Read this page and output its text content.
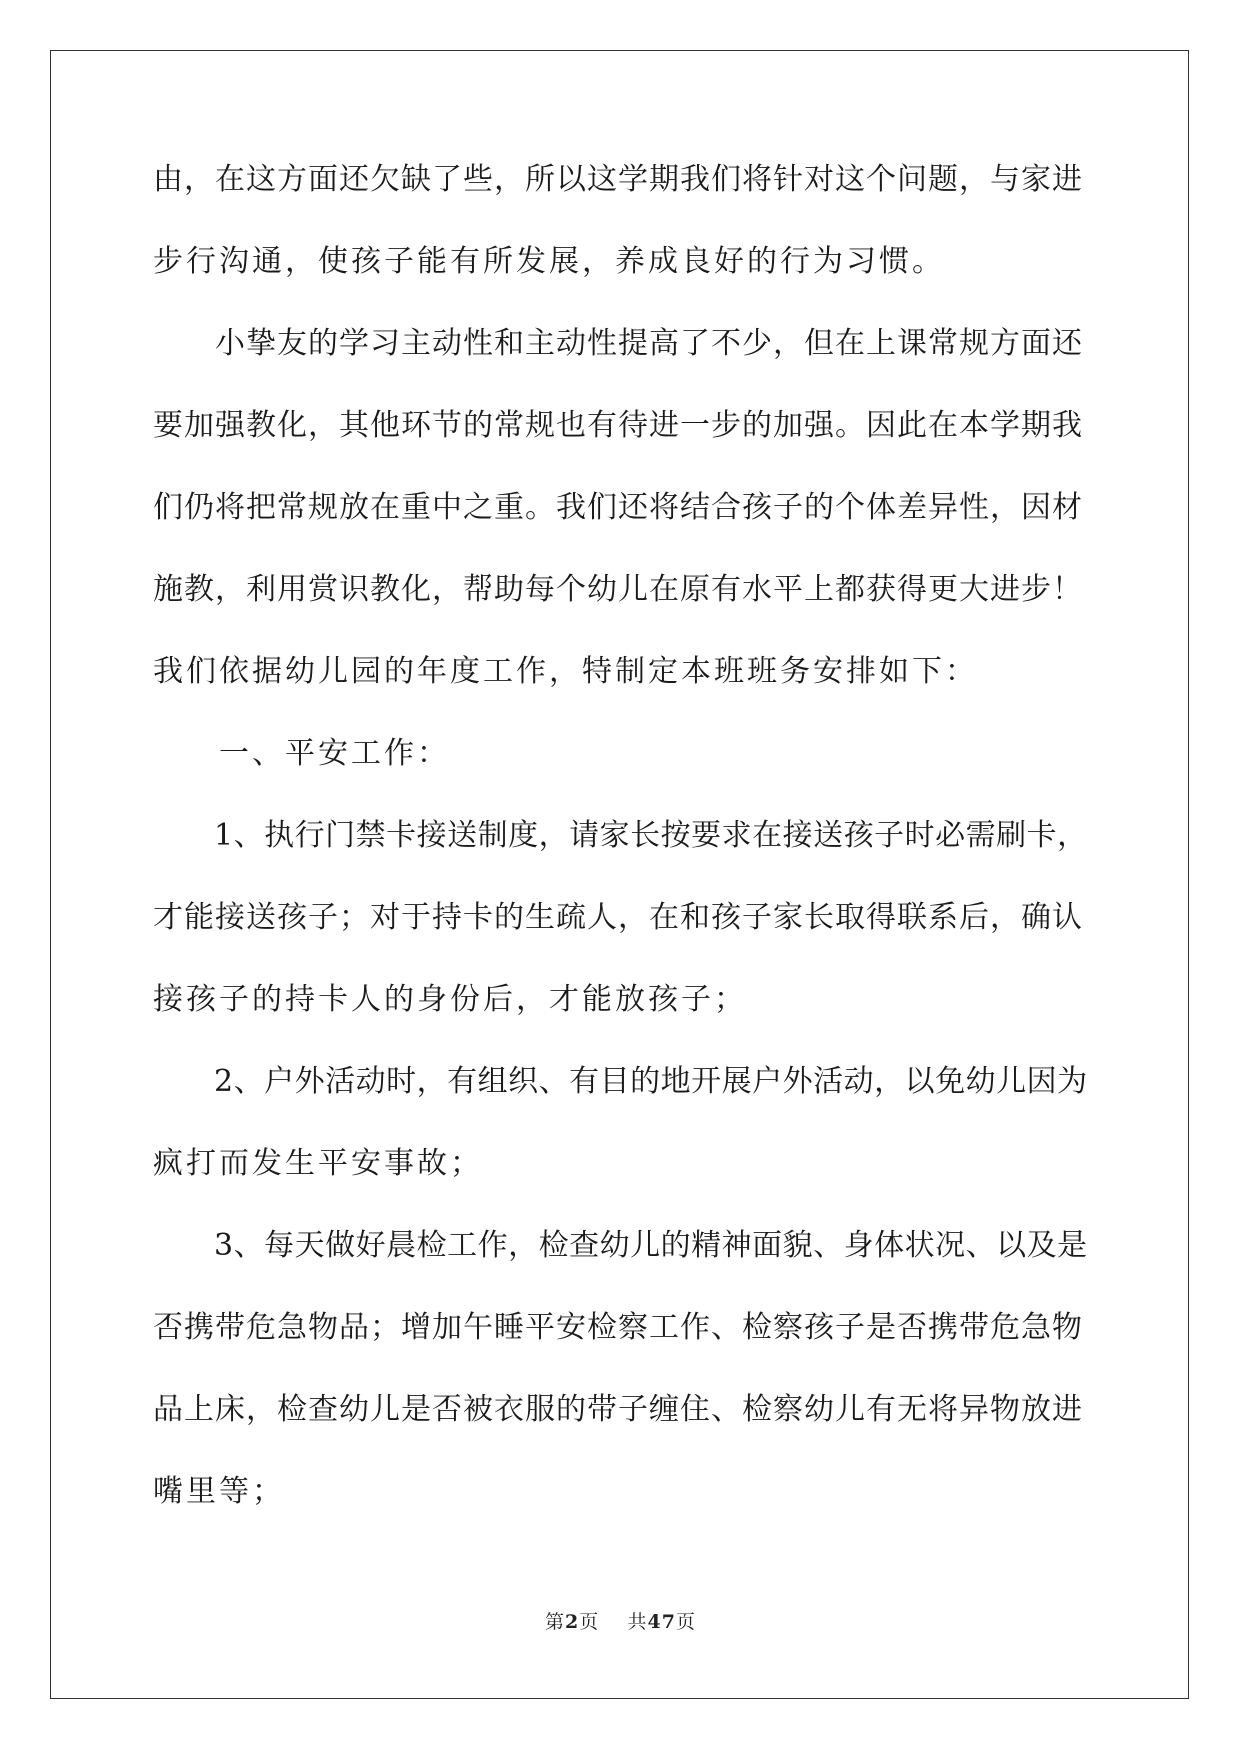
由，在这方面还欠缺了些，所以这学期我们将针对这个问题，与家进
步行沟通，使孩子能有所发展，养成良好的行为习惯。
　　小挚友的学习主动性和主动性提高了不少，但在上课常规方面还
要加强教化，其他环节的常规也有待进一步的加强。因此在本学期我
们仍将把常规放在重中之重。我们还将结合孩子的个体差异性，因材
施教，利用赏识教化，帮助每个幼儿在原有水平上都获得更大进步！
我们依据幼儿园的年度工作，特制定本班班务安排如下：
　　一、平安工作：
　　1、执行门禁卡接送制度，请家长按要求在接送孩子时必需刷卡，
才能接送孩子；对于持卡的生疏人，在和孩子家长取得联系后，确认
接孩子的持卡人的身份后，才能放孩子；
　　2、户外活动时，有组织、有目的地开展户外活动，以免幼儿因为
疯打而发生平安事故；
　　3、每天做好晨检工作，检查幼儿的精神面貌、身体状况、以及是
否携带危急物品；增加午睡平安检察工作、检察孩子是否携带危急物
品上床，检查幼儿是否被衣服的带子缠住、检察幼儿有无将异物放进
嘴里等；
第2页 共47页
